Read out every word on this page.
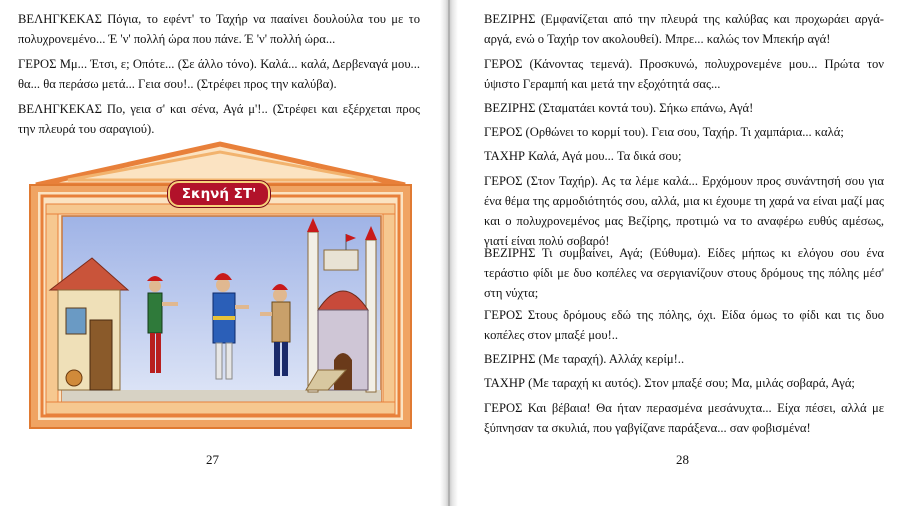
ΒΕΛΗΓΚΕΚΑΣ Πόγια, το εφέντ' το Ταχήρ να πααίνει δουλούλα του με το πολυχρονεμένο... Έ 'ν' πολλή ώρα που πάνε. Έ 'ν' πολλή ώρα...

ΓΕΡΟΣ Μμ... Έτσι, ε; Οπότε... (Σε άλλο τόνο). Καλά... καλά, Δερβεναγά μου... θα... θα περάσω μετά... Γεια σου!.. (Στρέφει προς την καλύβα).

ΒΕΛΗΓΚΕΚΑΣ Πο, γεια σ' και σένα, Αγά μ'!.. (Στρέφει και εξέρχεται προς την πλευρά του σαραγιού).

Σκηνή ΣΤ'
27

ΒΕΖΙΡΗΣ (Εμφανίζεται από την πλευρά της καλύβας και προχωράει αργά-αργά, ενώ ο Ταχήρ τον ακολουθεί). Μπρε... καλώς τον Μπεκήρ αγά!

ΓΕΡΟΣ (Κάνοντας τεμενά). Προσκυνώ, πολυχρονεμένε μου... Πρώτα τον ύψιστο Γεραμπή και μετά την εξοχότητά σας...

ΒΕΖΙΡΗΣ (Σταματάει κοντά του). Σήκω επάνω, Αγά!

ΓΕΡΟΣ (Ορθώνει το κορμί του). Γεια σου, Ταχήρ. Τι χαμπάρια... καλά;

ΤΑΧΗΡ Καλά, Αγά μου... Τα δικά σου;

ΓΕΡΟΣ (Στον Ταχήρ). Ας τα λέμε καλά... Ερχόμουν προς συνάντησή σου για ένα θέμα της αρμοδιότητός σου, αλλά, μια κι έχουμε τη χαρά να είναι μαζί μας και ο πολυχρονεμένος μας Βεζίρης, προτιμώ να το αναφέρω ευθύς αμέσως, γιατί είναι πολύ σοβαρό!

ΒΕΖΙΡΗΣ Τι συμβαίνει, Αγά; (Εύθυμα). Είδες μήπως κι ελόγου σου ένα τεράστιο φίδι με δυο κοπέλες να σεργιανίζουν στους δρόμους της πόλης μέσ' στη νύχτα;

ΓΕΡΟΣ Στους δρόμους εδώ της πόλης, όχι. Είδα όμως το φίδι και τις δυο κοπέλες στον μπαξέ μου!..

ΒΕΖΙΡΗΣ (Με ταραχή). Αλλάχ κερίμ!..

ΤΑΧΗΡ (Με ταραχή κι αυτός). Στον μπαξέ σου; Μα, μιλάς σοβαρά, Αγά;

ΓΕΡΟΣ Και βέβαια! Θα ήταν περασμένα μεσάνυχτα... Είχα πέσει, αλλά με ξύπνησαν τα σκυλιά, που γαβγίζανε παράξενα... σαν φοβισμένα!

28
